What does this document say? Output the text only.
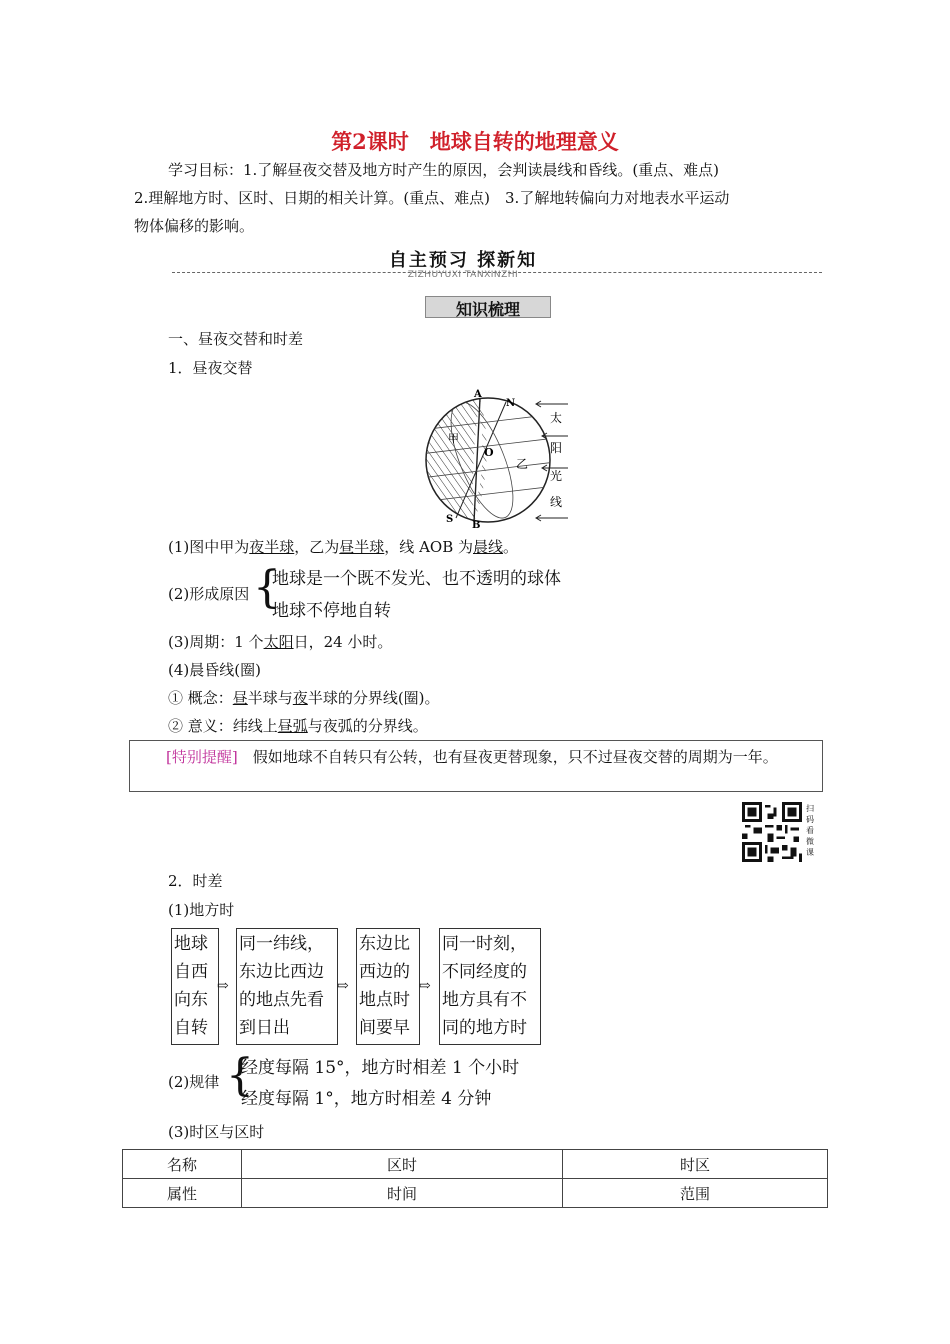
第2课时　地球自转的地理意义
学习目标：1.了解昼夜交替及地方时产生的原因，会判读晨线和昏线。(重点、难点)
2.理解地方时、区时、日期的相关计算。(重点、难点)　3.了解地转偏向力对地表水平运动
物体偏移的影响。
自主预习 探新知
ZIZHUYUXI TANXINZHI
知识梳理
一、昼夜交替和时差
1．昼夜交替
A
N
S
B
O
甲
乙
太
阳
光
线
(1)图中甲为夜半球，乙为昼半球，线 AOB 为晨线。
(2)形成原因 {
地球是一个既不发光、也不透明的球体
地球不停地自转
(3)周期：1 个太阳日，24 小时。
(4)晨昏线(圈)
① 概念：昼半球与夜半球的分界线(圈)。
② 意义：纬线上昼弧与夜弧的分界线。
[特别提醒]　假如地球不自转只有公转，也有昼夜更替现象，只不过昼夜交替的周期为一年。
扫码看微课
2．时差
(1)地方时
地球自西向东自转
⇨
同一纬线，东边比西边的地点先看到日出
⇨
东边比西边的地点时间要早
⇨
同一时刻，不同经度的地方具有不同的地方时
(2)规律 {
经度每隔 15°，地方时相差 1 个小时
经度每隔 1°，地方时相差 4 分钟
(3)时区与区时
名称	区时	时区
属性	时间	范围
